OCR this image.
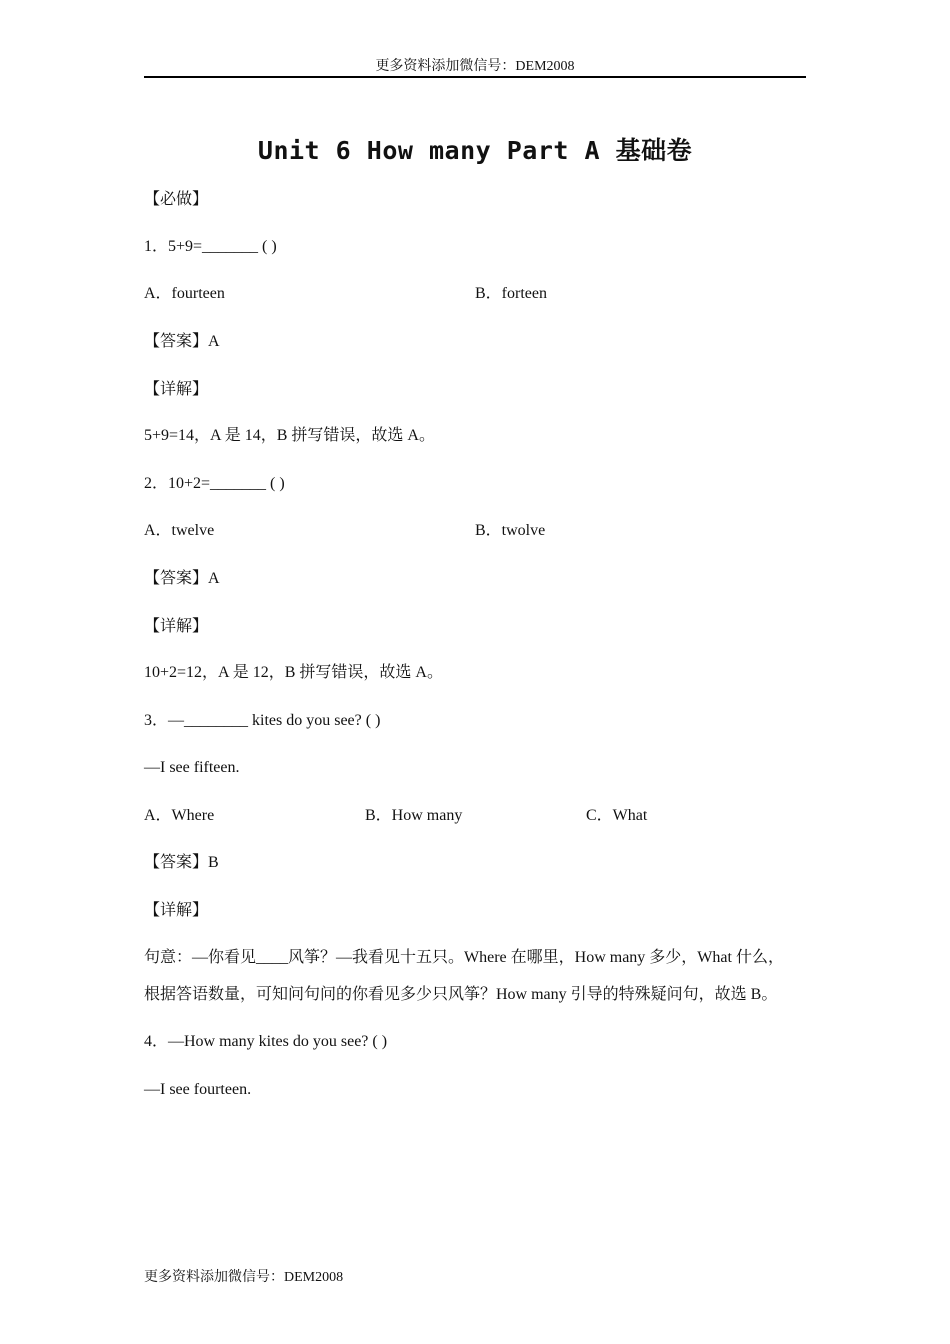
更多资料添加微信号：DEM2008
Unit 6 How many Part A 基础卷
【必做】
1．5+9=_______ ( )
A．fourteen	B．forteen
【答案】A
【详解】
5+9=14，A 是 14，B 拼写错误，故选 A。
2．10+2=_______ ( )
A．twelve	B．twolve
【答案】A
【详解】
10+2=12，A 是 12，B 拼写错误，故选 A。
3．—________ kites do you see? ( )
—I see fifteen.
A．Where	B．How many	C．What
【答案】B
【详解】
句意：—你看见____风筝？—我看见十五只。Where 在哪里，How many 多少，What 什么，
根据答语数量，可知问句问的你看见多少只风筝？How many 引导的特殊疑问句，故选 B。
4．—How many kites do you see? ( )
—I see fourteen.
更多资料添加微信号：DEM2008
